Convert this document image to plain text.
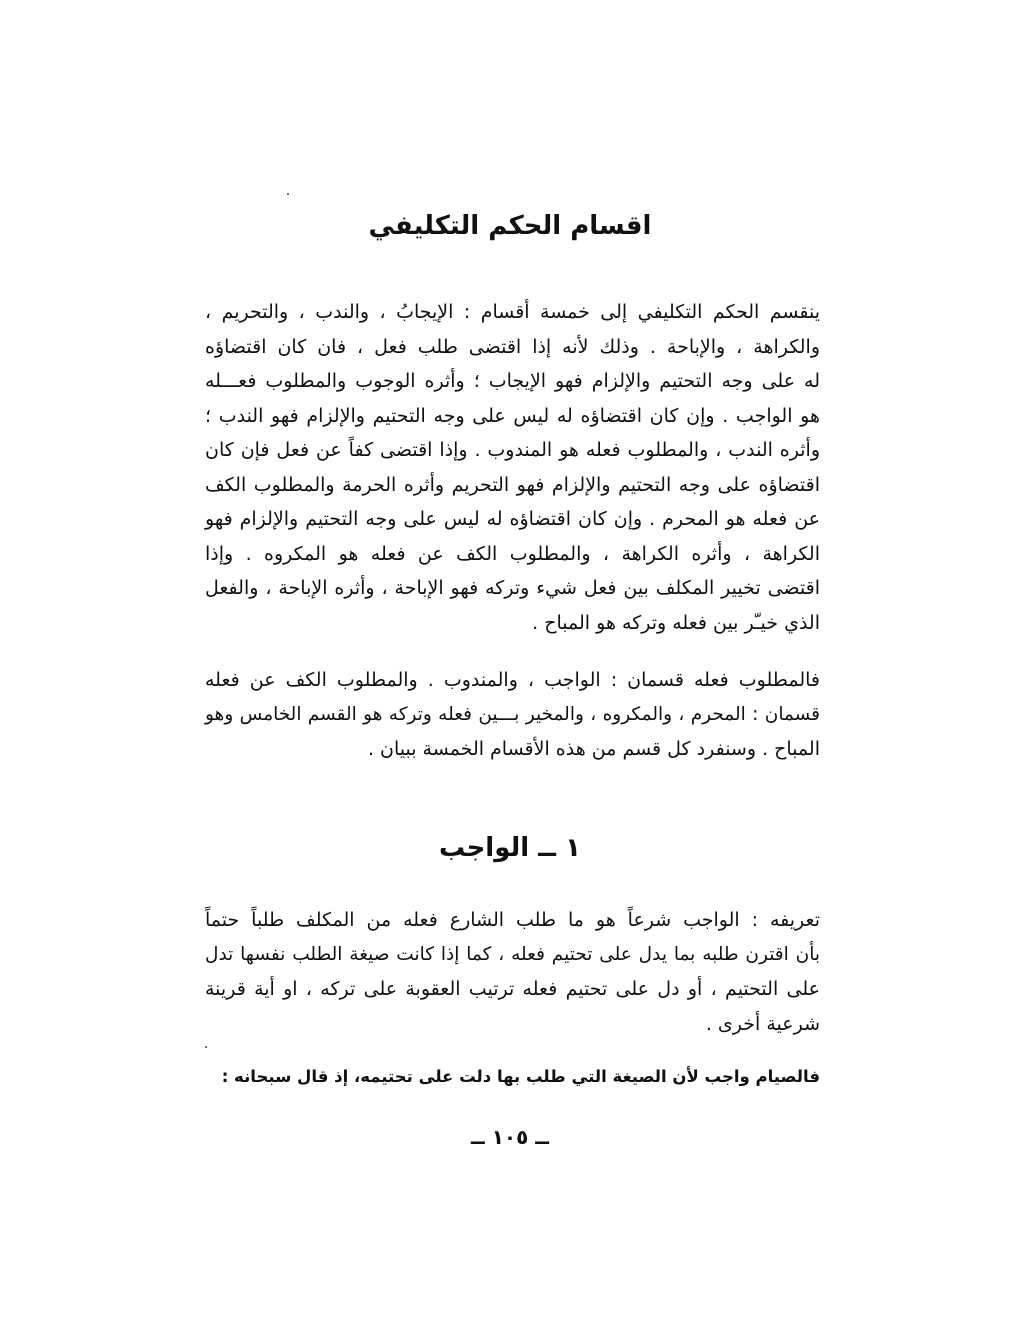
اقسام الحكم التكليفي
ينقسم الحكم التكليفي إلى خمسة أقسام : الإيجابُ ، والندب ، والتحريم ،
والكراهة ، والإباحة . وذلك لأنه إذا اقتضى طلب فعل ، فان كان اقتضاؤه
له على وجه التحتيم والإلزام فهو الإيجاب ؛ وأثره الوجوب والمطلوب فعـــله
هو الواجب . وإن كان اقتضاؤه له ليس على وجه التحتيم والإلزام فهو الندب ؛
وأثره الندب ، والمطلوب فعله هو المندوب . وإذا اقتضى كفاً عن فعل فإن كان
اقتضاؤه على وجه التحتيم والإلزام فهو التحريم وأثره الحرمة والمطلوب الكف
عن فعله هو المحرم . وإن كان اقتضاؤه له ليس على وجه التحتيم والإلزام فهو
الكراهة ، وأثره الكراهة ، والمطلوب الكف عن فعله هو المكروه . وإذا
اقتضى تخيير المكلف بين فعل شيء وتركه فهو الإباحة ، وأثره الإباحة ، والفعل
الذي خيـّر بين فعله وتركه هو المباح .
فالمطلوب فعله قسمان : الواجب ، والمندوب . والمطلوب الكف عن فعله
قسمان : المحرم ، والمكروه ، والمخير بـــين فعله وتركه هو القسم الخامس وهو
المباح . وسنفرد كل قسم من هذه الأقسام الخمسة ببيان .
١ ــ الواجب
تعريفه : الواجب شرعاً هو ما طلب الشارع فعله من المكلف طلباً حتماً
بأن اقترن طلبه بما يدل على تحتيم فعله ، كما إذا كانت صيغة الطلب نفسها تدل
على التحتيم ، أو دل على تحتيم فعله ترتيب العقوبة على تركه ، او أية قرينة
شرعية أخرى .
فالصيام واجب لأن الصيغة التي طلب بها دلت على تحتيمه، إذ قال سبحانه :
ــ ١٠٥ ــ
